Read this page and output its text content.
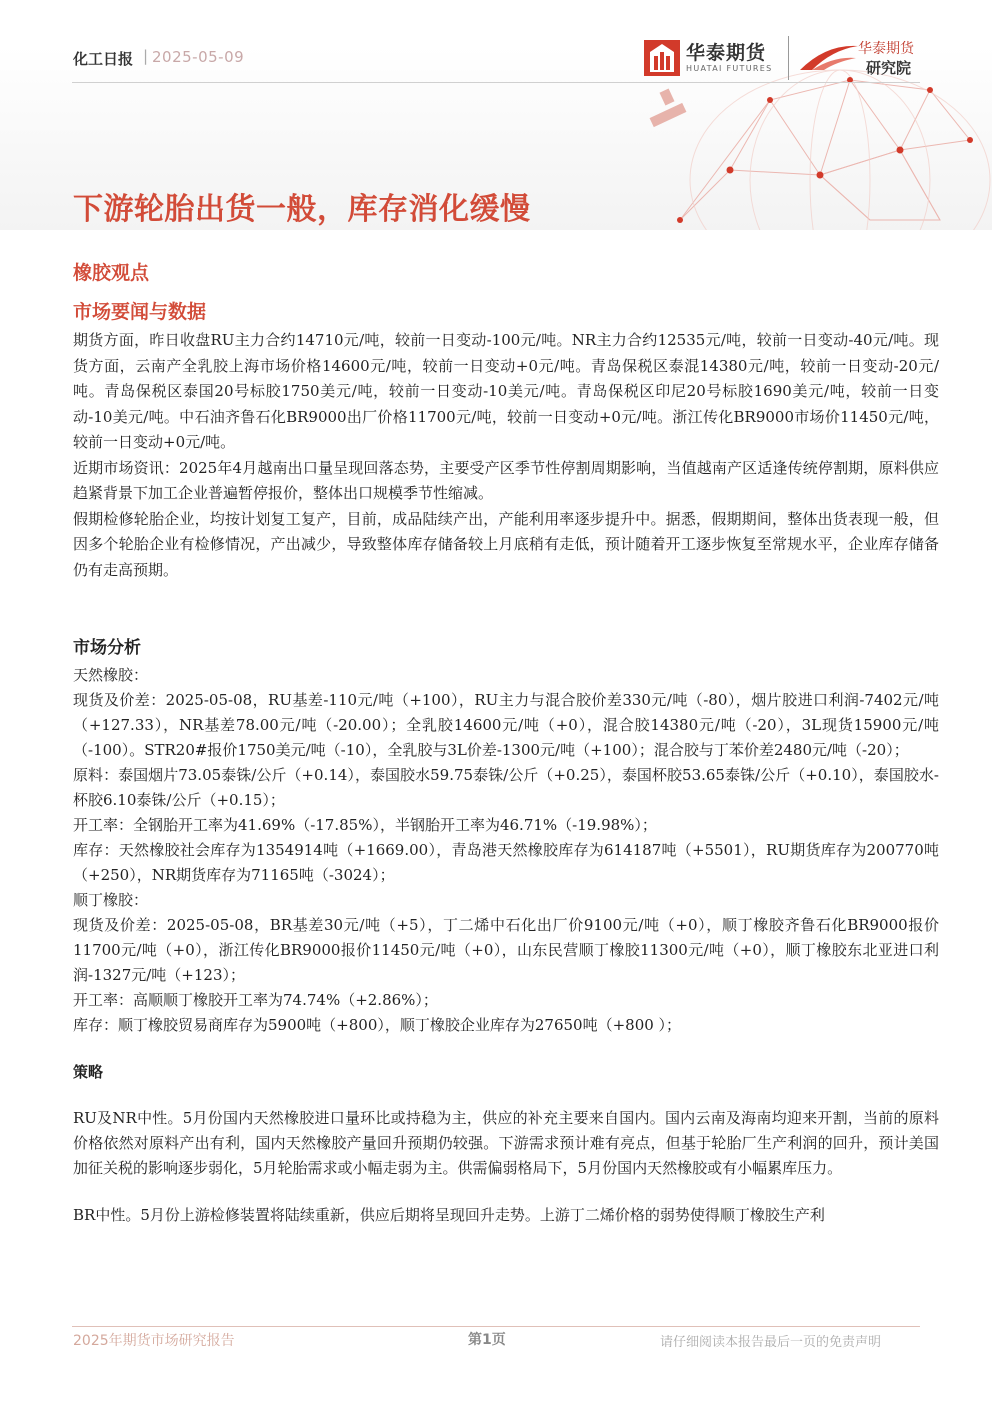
化工日报 | 2025-05-09	华泰期货
HUATAI FUTURES
华泰期货
研究院
下游轮胎出货一般，库存消化缓慢
橡胶观点
市场要闻与数据

期货方面，昨日收盘RU主力合约14710元/吨，较前一日变动-100元/吨。NR主力合约12535元/吨，较前一日变动-40元/吨。现货方面，云南产全乳胶上海市场价格14600元/吨，较前一日变动+0元/吨。青岛保税区泰混14380元/吨，较前一日变动-20元/吨。青岛保税区泰国20号标胶1750美元/吨，较前一日变动-10美元/吨。青岛保税区印尼20号标胶1690美元/吨，较前一日变动-10美元/吨。中石油齐鲁石化BR9000出厂价格11700元/吨，较前一日变动+0元/吨。浙江传化BR9000市场价11450元/吨，较前一日变动+0元/吨。

近期市场资讯：2025年4月越南出口量呈现回落态势，主要受产区季节性停割周期影响，当值越南产区适逢传统停割期，原料供应趋紧背景下加工企业普遍暂停报价，整体出口规模季节性缩减。

假期检修轮胎企业，均按计划复工复产，目前，成品陆续产出，产能利用率逐步提升中。据悉，假期期间，整体出货表现一般，但因多个轮胎企业有检修情况，产出减少，导致整体库存储备较上月底稍有走低，预计随着开工逐步恢复至常规水平，企业库存储备仍有走高预期。

市场分析

天然橡胶：

现货及价差：2025-05-08，RU基差-110元/吨（+100），RU主力与混合胶价差330元/吨（-80），烟片胶进口利润-7402元/吨（+127.33），NR基差78.00元/吨（-20.00）；全乳胶14600元/吨（+0），混合胶14380元/吨（-20），3L现货15900元/吨（-100）。STR20#报价1750美元/吨（-10），全乳胶与3L价差-1300元/吨（+100）；混合胶与丁苯价差2480元/吨（-20）；

原料：泰国烟片73.05泰铢/公斤（+0.14），泰国胶水59.75泰铢/公斤（+0.25），泰国杯胶53.65泰铢/公斤（+0.10），泰国胶水-杯胶6.10泰铢/公斤（+0.15）；

开工率：全钢胎开工率为41.69%（-17.85%），半钢胎开工率为46.71%（-19.98%）；

库存：天然橡胶社会库存为1354914吨（+1669.00），青岛港天然橡胶库存为614187吨（+5501），RU期货库存为200770吨（+250），NR期货库存为71165吨（-3024）；

顺丁橡胶：

现货及价差：2025-05-08，BR基差30元/吨（+5），丁二烯中石化出厂价9100元/吨（+0），顺丁橡胶齐鲁石化BR9000报价11700元/吨（+0），浙江传化BR9000报价11450元/吨（+0），山东民营顺丁橡胶11300元/吨（+0），顺丁橡胶东北亚进口利润-1327元/吨（+123）；

开工率：高顺顺丁橡胶开工率为74.74%（+2.86%）；

库存：顺丁橡胶贸易商库存为5900吨（+800），顺丁橡胶企业库存为27650吨（+800 ）；

策略

RU及NR中性。5月份国内天然橡胶进口量环比或持稳为主，供应的补充主要来自国内。国内云南及海南均迎来开割，当前的原料价格依然对原料产出有利，国内天然橡胶产量回升预期仍较强。下游需求预计难有亮点，但基于轮胎厂生产利润的回升，预计美国加征关税的影响逐步弱化，5月轮胎需求或小幅走弱为主。供需偏弱格局下，5月份国内天然橡胶或有小幅累库压力。

BR中性。5月份上游检修装置将陆续重新，供应后期将呈现回升走势。上游丁二烯价格的弱势使得顺丁橡胶生产利

2025年期货市场研究报告	第1页	请仔细阅读本报告最后一页的免责声明
